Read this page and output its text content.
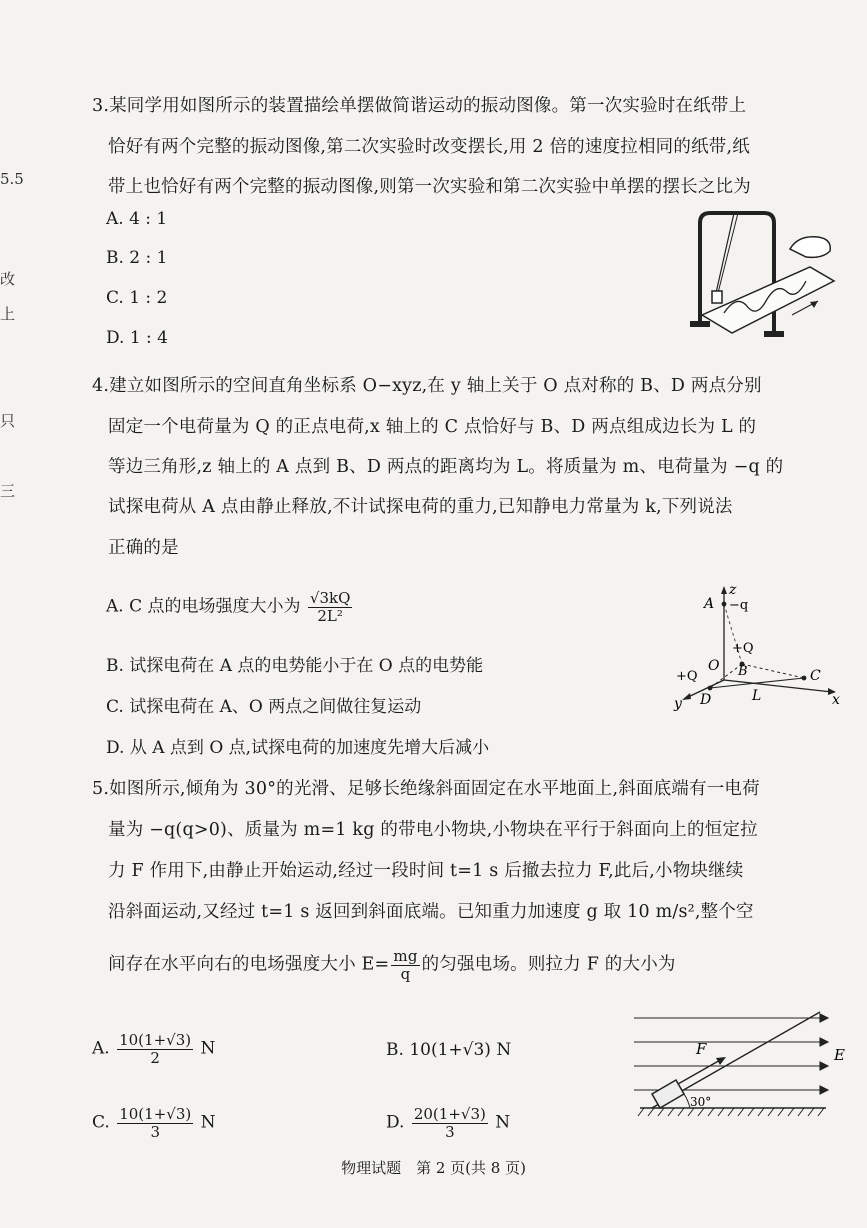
5.5
改
上
只
三
3.某同学用如图所示的装置描绘单摆做简谐运动的振动图像。第一次实验时在纸带上
恰好有两个完整的振动图像,第二次实验时改变摆长,用 2 倍的速度拉相同的纸带,纸
带上也恰好有两个完整的振动图像,则第一次实验和第二次实验中单摆的摆长之比为
A. 4 : 1
B. 2 : 1
C. 1 : 2
D. 1 : 4
4.建立如图所示的空间直角坐标系 O−xyz,在 y 轴上关于 O 点对称的 B、D 两点分别
固定一个电荷量为 Q 的正点电荷,x 轴上的 C 点恰好与 B、D 两点组成边长为 L 的
等边三角形,z 轴上的 A 点到 B、D 两点的距离均为 L。将质量为 m、电荷量为 −q 的
试探电荷从 A 点由静止释放,不计试探电荷的重力,已知静电力常量为 k,下列说法
正确的是
A. C 点的电场强度大小为 $\frac{√3kQ}{\text{2L²}}$
B. 试探电荷在 A 点的电势能小于在 O 点的电势能
C. 试探电荷在 A、O 两点之间做往复运动
D. 从 A 点到 O 点,试探电荷的加速度先增大后减小
z
A −q
+Q
O B
+Q
D	L
C
x
y
5.如图所示,倾角为 30°的光滑、足够长绝缘斜面固定在水平地面上,斜面底端有一电荷
量为 −q(q>0)、质量为 m=1 kg 的带电小物块,小物块在平行于斜面向上的恒定拉
力 F 作用下,由静止开始运动,经过一段时间 t=1 s 后撤去拉力 F,此后,小物块继续
沿斜面运动,又经过 t=1 s 返回到斜面底端。已知重力加速度 g 取 10 m/s²,整个空
间存在水平向右的电场强度大小 $E= \frac{mg}{q}$ 的匀强电场。则拉力 F 的大小为
A. $\frac{10(1+√3)}{2}$ N	B. 10(1+√3) N
C. $\frac{10(1+√3)}{3}$ N	D. $\frac{20(1+√3)}{3}$ N
F	E
30°
物理试题　第 2 页(共 8 页)
